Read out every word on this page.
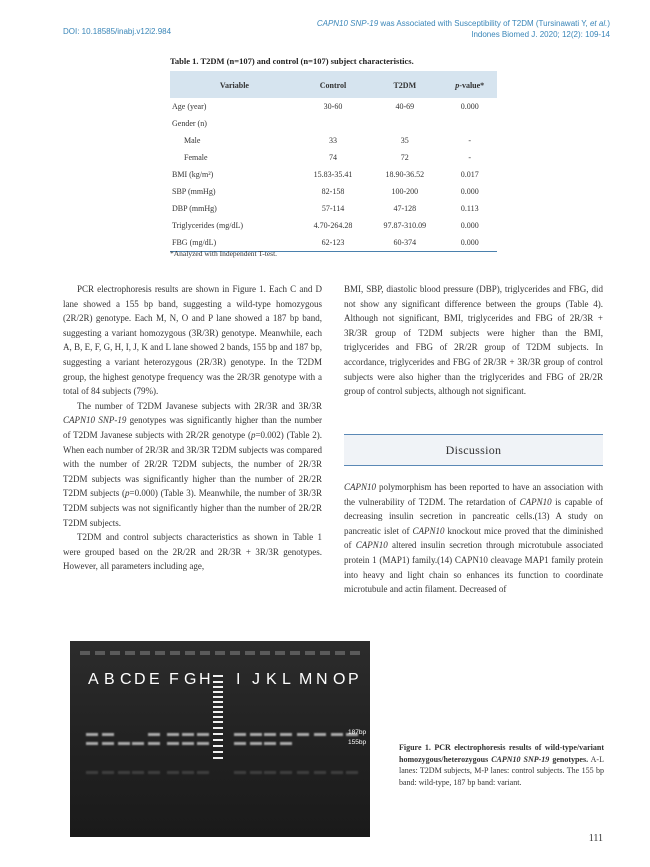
DOI: 10.18585/inabj.v12i2.984
CAPN10 SNP-19 was Associated with Susceptibility of T2DM (Tursinawati Y, et al.)
Indones Biomed J. 2020; 12(2): 109-14
Table 1. T2DM (n=107) and control (n=107) subject characteristics.
Variable	Control	T2DM	p-value*
Age (year)	30-60	40-69	0.000
Gender (n)			
Male	33	35	-
Female	74	72	-
BMI (kg/m²)	15.83-35.41	18.90-36.52	0.017
SBP (mmHg)	82-158	100-200	0.000
DBP (mmHg)	57-114	47-128	0.113
Triglycerides (mg/dL)	4.70-264.28	97.87-310.09	0.000
FBG (mg/dL)	62-123	60-374	0.000
*Analyzed with Independent T-test.

PCR electrophoresis results are shown in Figure 1. Each C and D lane showed a 155 bp band, suggesting a wild-type homozygous (2R/2R) genotype. Each M, N, O and P lane showed a 187 bp band, suggesting a variant homozygous (3R/3R) genotype. Meanwhile, each A, B, E, F, G, H, I, J, K and L lane showed 2 bands, 155 bp and 187 bp, suggesting a variant heterozygous (2R/3R) genotype. In the T2DM group, the highest genotype frequency was the 2R/3R genotype with a total of 84 subjects (79%).

The number of T2DM Javanese subjects with 2R/3R and 3R/3R CAPN10 SNP-19 genotypes was significantly higher than the number of T2DM Javanese subjects with 2R/2R genotype (p=0.002) (Table 2). When each number of 2R/3R and 3R/3R T2DM subjects was compared with the number of 2R/2R T2DM subjects, the number of 2R/3R T2DM subjects was significantly higher than the number of 2R/2R T2DM subjects (p=0.000) (Table 3). Meanwhile, the number of 3R/3R T2DM subjects was not significantly higher than the number of 2R/2R T2DM subjects.

T2DM and control subjects characteristics as shown in Table 1 were grouped based on the 2R/2R and 2R/3R + 3R/3R genotypes. However, all parameters including age,

BMI, SBP, diastolic blood pressure (DBP), triglycerides and FBG, did not show any significant difference between the groups (Table 4). Although not significant, BMI, triglycerides and FBG of 2R/3R + 3R/3R group of T2DM subjects were higher than the BMI, triglycerides and FBG of 2R/2R group of T2DM subjects. In accordance, triglycerides and FBG of 2R/3R + 3R/3R group of control subjects were also higher than the triglycerides and FBG of 2R/2R group of control subjects, although not significant.

Discussion

CAPN10 polymorphism has been reported to have an association with the vulnerability of T2DM. The retardation of CAPN10 is capable of decreasing insulin secretion in pancreatic cells.(13) A study on pancreatic islet of CAPN10 knockout mice proved that the diminished of CAPN10 altered insulin secretion through microtubule associated protein 1 (MAP1) family.(14) CAPN10 cleavage MAP1 family protein into heavy and light chain so enhances its function to coordinate microtubule and actin filament. Decreased of

A B C D E F G H I J K L M N O P
187bp
155bp
Figure 1. PCR electrophoresis results of wild-type/variant homozygous/heterozygous CAPN10 SNP-19 genotypes. A-L lanes: T2DM subjects, M-P lanes: control subjects. The 155 bp band: wild-type, 187 bp band: variant.
111
